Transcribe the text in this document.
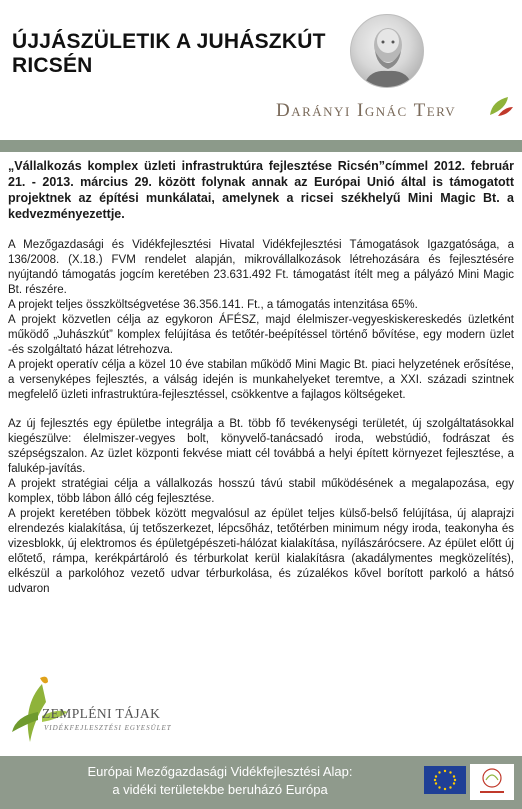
ÚJJÁSZÜLETIK A JUHÁSZKÚT
RICSÉN
Darányi Ignác Terv

„Vállalkozás komplex üzleti infrastruktúra fejlesztése Ricsén”címmel 2012. február 21. - 2013. március 29. között folynak annak az Európai Unió által is támogatott projektnek az építési munkálatai, amelynek a ricsei székhelyű Mini Magic Bt. a kedvezményezettje.

A Mezőgazdasági és Vidékfejlesztési Hivatal Vidékfejlesztési Támogatások Igazgatósága, a 136/2008. (X.18.) FVM rendelet alapján, mikrovállalkozások létrehozására és fejlesztésére nyújtandó támogatás jogcím keretében 23.631.492 Ft. támogatást ítélt meg a pályázó Mini Magic Bt. részére.

A projekt teljes összköltségvetése 36.356.141. Ft., a támogatás intenzitása 65%.

A projekt közvetlen célja az egykoron ÁFÉSZ, majd élelmiszer-vegyeskiskereskedés üzletként működő „Juhászkút” komplex felújítása és tetőtér-beépítéssel történő bővítése, egy modern üzlet -és szolgáltató házat létrehozva.

A projekt operatív célja a közel 10 éve stabilan működő Mini Magic Bt. piaci helyzetének erősítése, a versenyképes fejlesztés, a válság idején is munkahelyeket teremtve, a XXI. századi szintnek megfelelő üzleti infrastruktúra-fejlesztéssel, csökkentve a fajlagos költségeket.

Az új fejlesztés egy épületbe integrálja a Bt. több fő tevékenységi területét, új szolgáltatásokkal kiegészülve: élelmiszer-vegyes bolt, könyvelő-tanácsadó iroda, webstúdió, fodrászat és szépségszalon. Az üzlet központi fekvése miatt cél továbbá a helyi épített környezet fejlesztése, a falukép-javítás.

A projekt stratégiai célja a vállalkozás hosszú távú stabil működésének a megalapozása, egy komplex, több lábon álló cég fejlesztése.

A projekt keretében többek között megvalósul az épület teljes külső-belső felújítása, új alaprajzi elrendezés kialakítása, új tetőszerkezet, lépcsőház, tetőtérben minimum négy iroda, teakonyha és vizesblokk, új elektromos és épületgépészeti-hálózat kialakítása, nyílászárócsere. Az épület előtt új előtető, rámpa, kerékpártároló és térburkolat kerül kialakításra (akadálymentes megközelítés), elkészül a parkolóhoz vezető udvar térburkolása, és zúzalékos kővel borított parkoló a hátsó udvaron

ZEMPLÉNI TÁJAK
VIDÉKFEJLESZTÉSI EGYESÜLET
Európai Mezőgazdasági Vidékfejlesztési Alap:
a vidéki területekbe beruházó Európa
